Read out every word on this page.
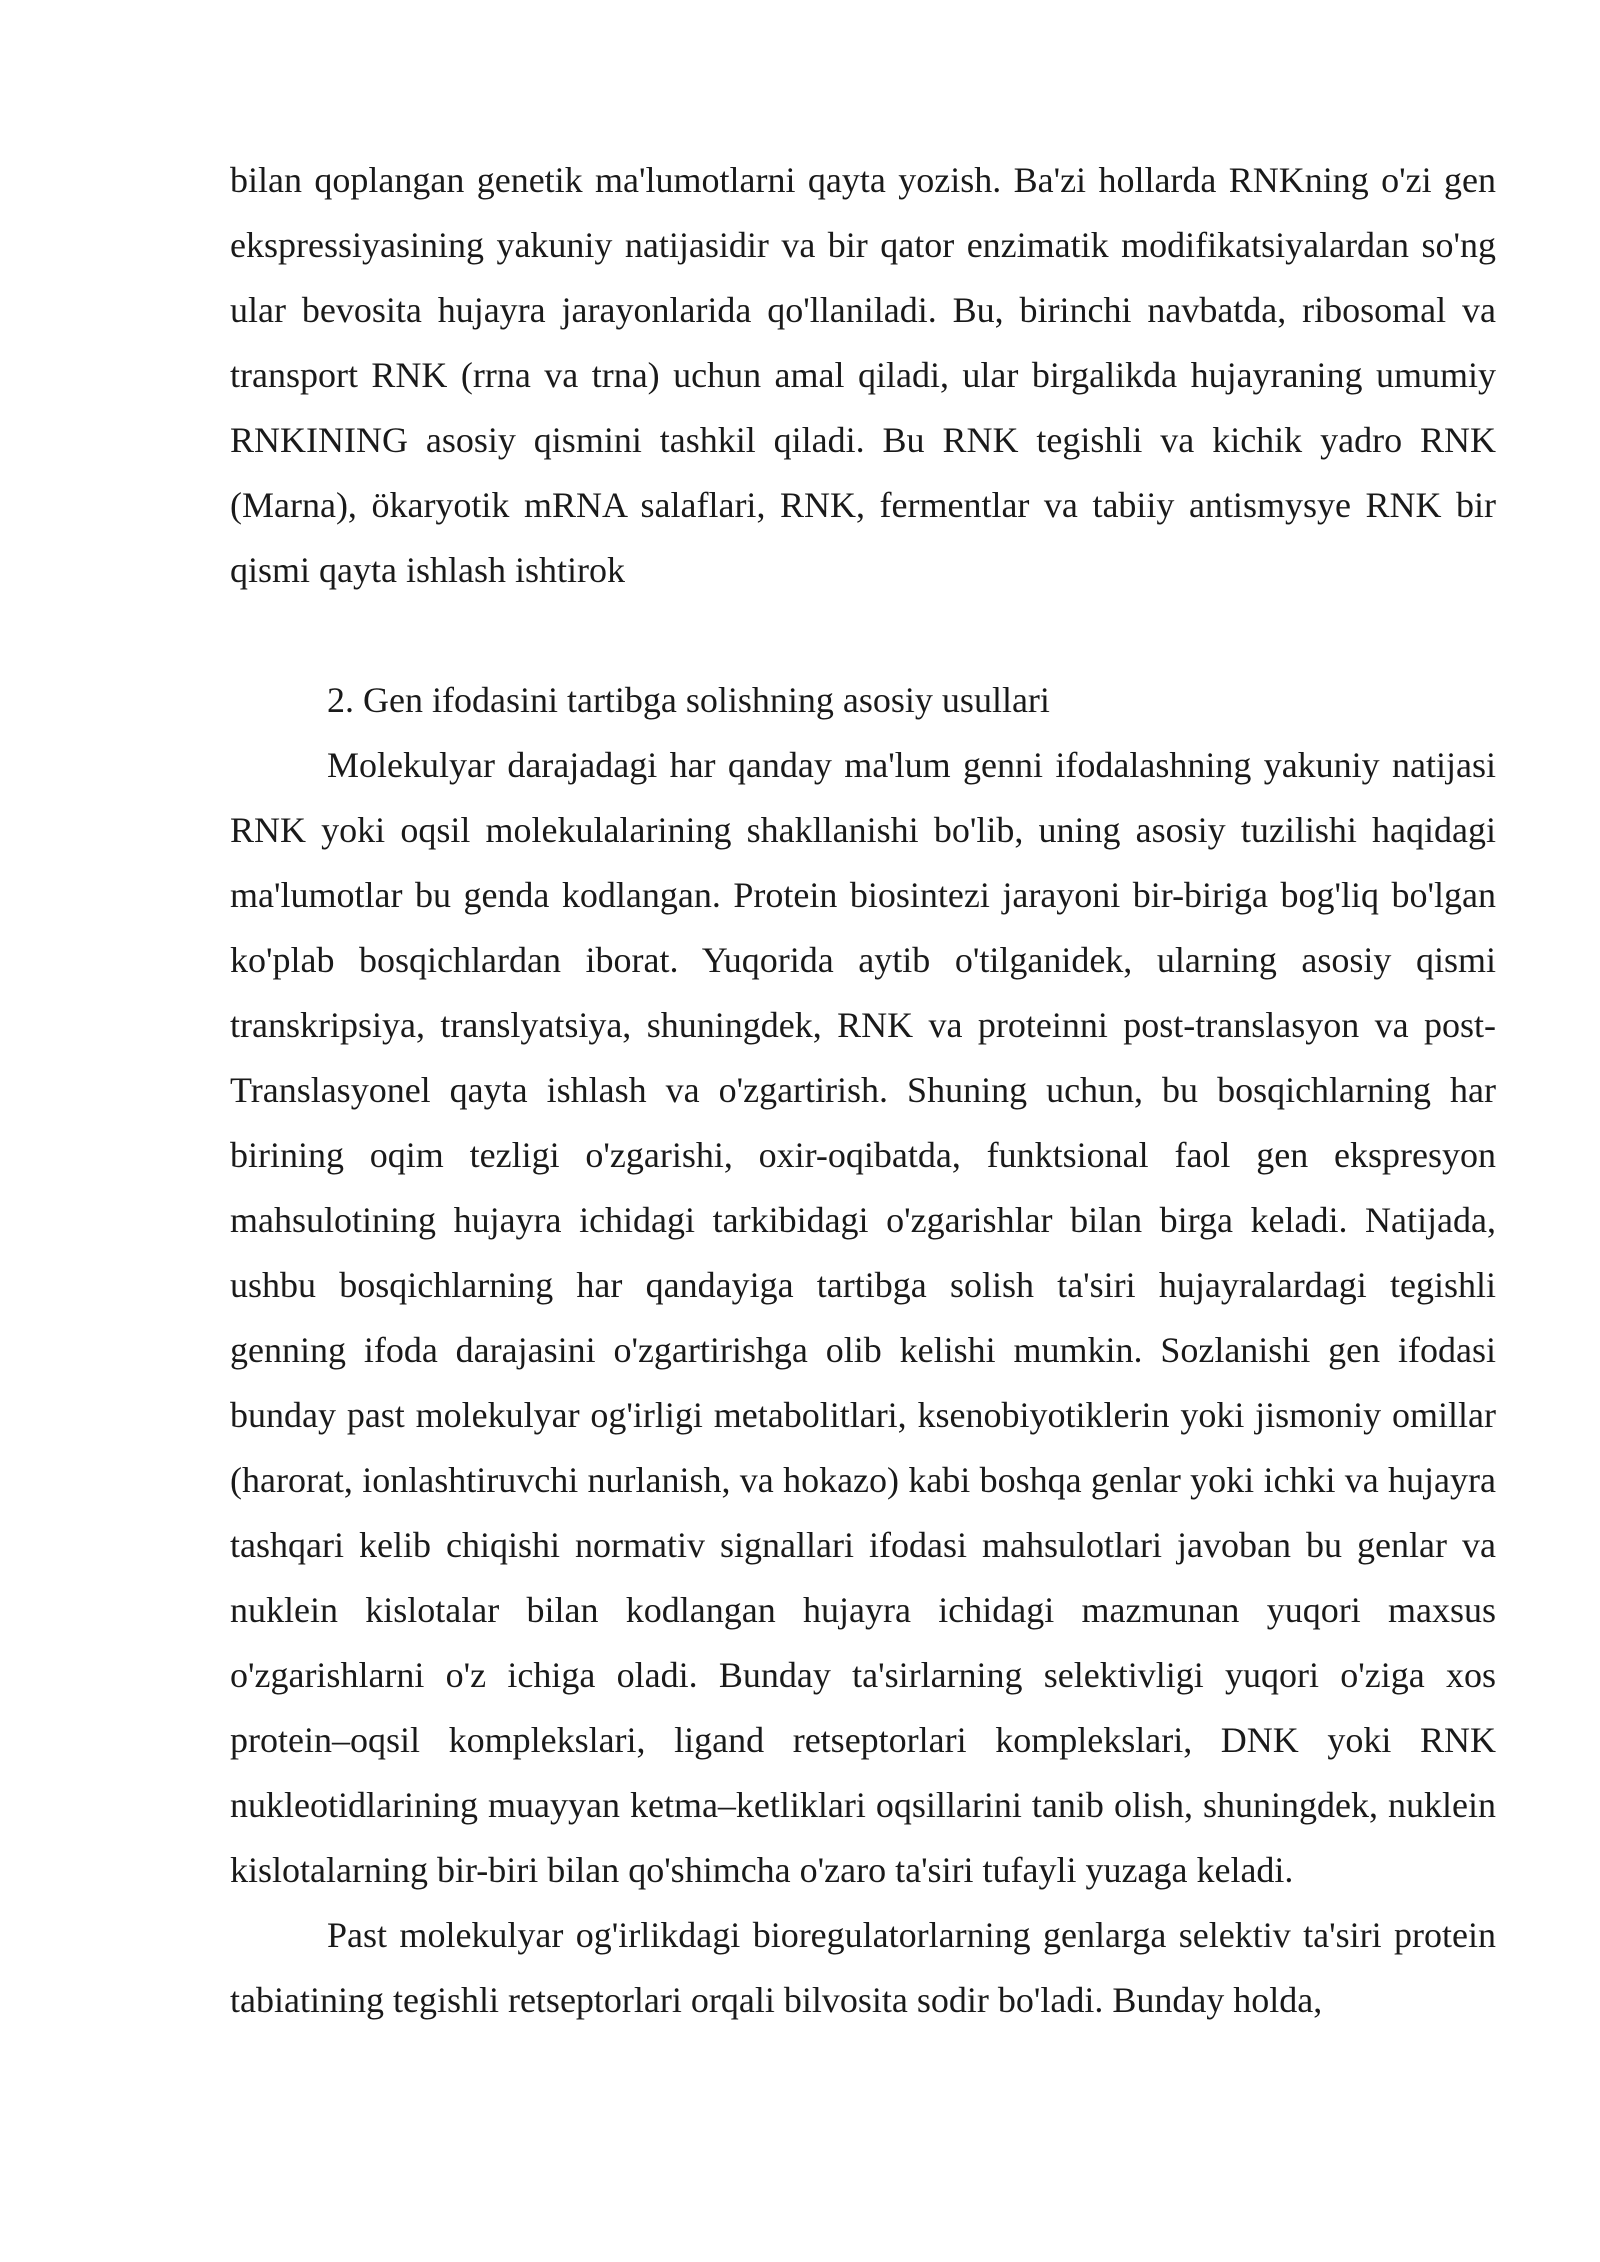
bilan qoplangan genetik ma'lumotlarni qayta yozish. Ba'zi hollarda RNKning o'zi gen ekspressiyasining yakuniy natijasidir va bir qator enzimatik modifikatsiyalardan so'ng ular bevosita hujayra jarayonlarida qo'llaniladi. Bu, birinchi navbatda, ribosomal va transport RNK (rrna va trna) uchun amal qiladi, ular birgalikda hujayraning umumiy RNKINING asosiy qismini tashkil qiladi. Bu RNK tegishli va kichik yadro RNK (Marna), ökaryotik mRNA salaflari, RNK, fermentlar va tabiiy antismysye RNK bir qismi qayta ishlash ishtirok

2. Gen ifodasini tartibga solishning asosiy usullari

Molekulyar darajadagi har qanday ma'lum genni ifodalashning yakuniy natijasi RNK yoki oqsil molekulalarining shakllanishi bo'lib, uning asosiy tuzilishi haqidagi ma'lumotlar bu genda kodlangan. Protein biosintezi jarayoni bir-biriga bog'liq bo'lgan ko'plab bosqichlardan iborat. Yuqorida aytib o'tilganidek, ularning asosiy qismi transkripsiya, translyatsiya, shuningdek, RNK va proteinni post-translasyon va post-Translasyonel qayta ishlash va o'zgartirish. Shuning uchun, bu bosqichlarning har birining oqim tezligi o'zgarishi, oxir-oqibatda, funktsional faol gen ekspresyon mahsulotining hujayra ichidagi tarkibidagi o'zgarishlar bilan birga keladi. Natijada, ushbu bosqichlarning har qandayiga tartibga solish ta'siri hujayralardagi tegishli genning ifoda darajasini o'zgartirishga olib kelishi mumkin. Sozlanishi gen ifodasi bunday past molekulyar og'irligi metabolitlari, ksenobiyotiklerin yoki jismoniy omillar (harorat, ionlashtiruvchi nurlanish, va hokazo) kabi boshqa genlar yoki ichki va hujayra tashqari kelib chiqishi normativ signallari ifodasi mahsulotlari javoban bu genlar va nuklein kislotalar bilan kodlangan hujayra ichidagi mazmunan yuqori maxsus o'zgarishlarni o'z ichiga oladi. Bunday ta'sirlarning selektivligi yuqori o'ziga xos protein–oqsil komplekslari, ligand retseptorlari komplekslari, DNK yoki RNK nukleotidlarining muayyan ketma–ketliklari oqsillarini tanib olish, shuningdek, nuklein kislotalarning bir-biri bilan qo'shimcha o'zaro ta'siri tufayli yuzaga keladi.

Past molekulyar og'irlikdagi bioregulatorlarning genlarga selektiv ta'siri protein tabiatining tegishli retseptorlari orqali bilvosita sodir bo'ladi. Bunday holda,
